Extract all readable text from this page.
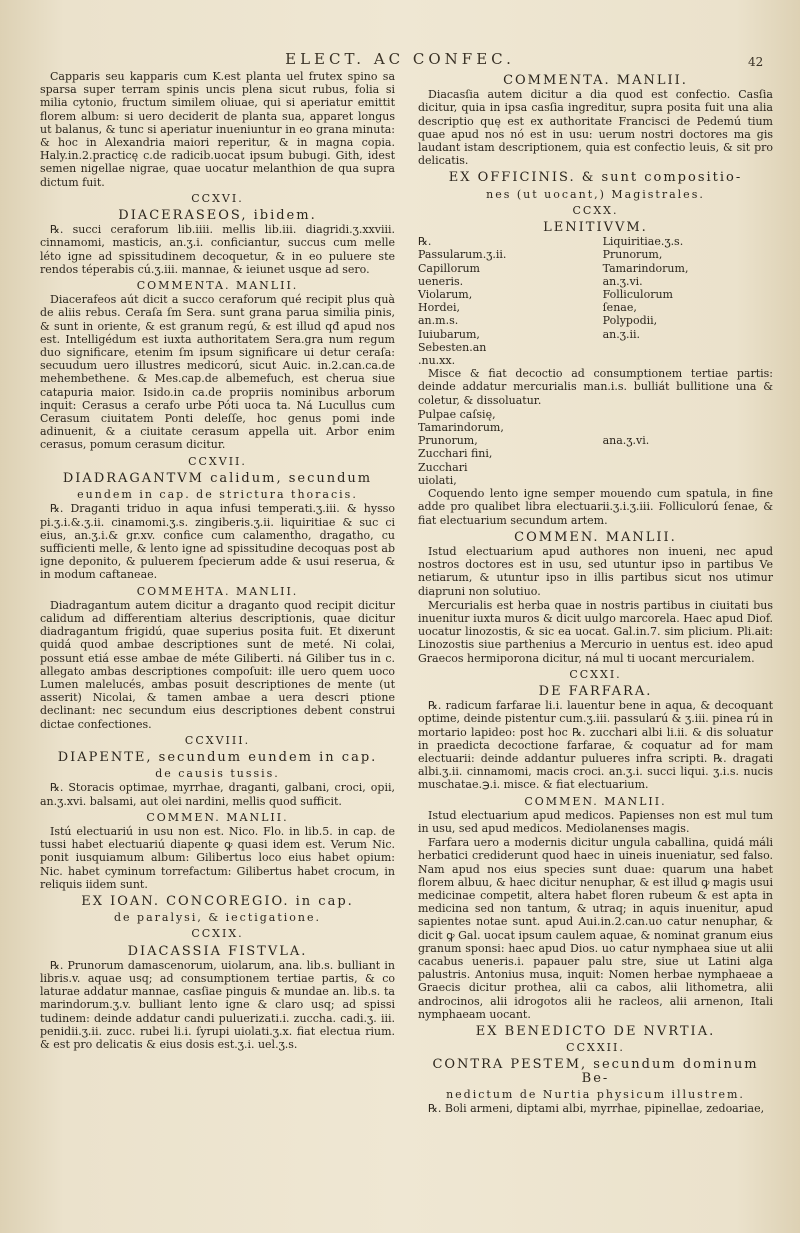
ELECT. AC CONFEC.	42

Capparis seu kapparis cum K.est planta uel frutex spino sa sparsa super terram spinis uncis plena sicut rubus, folia si milia cytonio, fructum similem oliuae, qui si aperiatur emittit florem album: si uero deciderit de planta sua, apparet longus ut balanus, & tunc si aperiatur inueniuntur in eo grana minuta: & hoc in Alexandria maiori reperitur, & in magna copia. Haly.in.2.practicę c.de radicib.uocat ipsum bubugi. Gith, idest semen nigellae nigrae, quae uocatur melanthion de qua supra dictum fuit.

CCXVI.
DIACERASEOS, ibidem.

℞. succi ceraforum lib.iiii. mellis lib.iii. diagridi.ʒ.xxviii. cinnamomi, masticis, an.ʒ.i. conficiantur, succus cum melle léto igne ad spissitudinem decoquetur, & in eo puluere ste rendos téperabis cú.ʒ.iii. mannae, & ieiunet usque ad sero.

COMMENTA. MANLII.

Diacerafeos aút dicit a succo ceraforum qué recipit plus quà de aliis rebus. Ceraſa ſm Sera. sunt grana parua similia pinis, & sunt in oriente, & est granum regú, & est illud qđ apud nos est. Intelligédum est iuxta authoritatem Sera.gra num regum duo significare, etenim ſm ipsum significare ui detur ceraſa: secuudum uero illustres medicorú, sicut Auic. in.2.can.ca.de mehembethene. & Mes.cap.de albemefuch, est cherua siue catapuria maior. Isido.in ca.de propriis nominibus arborum inquit: Cerasus a cerafo urbe Póti uoca ta. Ná Lucullus cum Cerasum ciuitatem Ponti deleſſe, hoc genus pomi inde adinuenit, & a ciuitate cerasum appella uit. Arbor enim cerasus, pomum cerasum dicitur.

CCXVII.
DIADRAGANTVM calidum, secundum
eundem in cap. de strictura thoracis.

℞. Draganti triduo in aqua infusi temperati.ʒ.iii. & hysso pi.ʒ.i.&.ʒ.ii. cinamomi.ʒ.s. zingiberis.ʒ.ii. liquiritiae & suc ci eius, an.ʒ.i.& gr.xv. confice cum calamentho, dragatho, cu sufficienti melle, & lento igne ad spissitudine decoquas post ab igne deponito, & puluerem ſpecierum adde & usui reserua, & in modum caftaneae.

COMMEHTA. MANLII.

Diadragantum autem dicitur a draganto quod recipit dicitur calidum ad differentiam alterius descriptionis, quae dicitur diadragantum frigidú, quae superius posita fuit. Et dixerunt quidá quod ambae descriptiones sunt de meté. Ni colai, possunt etiá esse ambae de méte Giliberti. ná Giliber tus in c. allegato ambas descriptiones compoſuit: ille uero quem uoco Lumen malelucés, ambas posuit descriptiones de mente (ut asserit) Nicolai, & tamen ambae a uera descri ptione declinant: nec secundum eius descriptiones debent construi dictae confectiones.

CCXVIII.
DIAPENTE, secundum eundem in cap.
de causis tussis.

℞. Storacis optimae, myrrhae, draganti, galbani, croci, opii, an.ʒ.xvi. balsami, aut olei nardini, mellis quod sufficit.

COMMEN. MANLII.

Istú electuariú in usu non est. Nico. Flo. in lib.5. in cap. de tussi habet electuariú diapente ꝙ quasi idem est. Verum Nic. ponit iusquiamum album: Gilibertus loco eius habet opium: Nic. habet cyminum torrefactum: Gilibertus habet crocum, in reliquis iidem sunt.

EX IOAN. CONCOREGIO. in cap.
de paralysi, & iectigatione.
CCXIX.
DIACASSIA FISTVLA.

℞. Prunorum damascenorum, uiolarum, ana. lib.s. bulliant in libris.v. aquae usq; ad consumptionem tertiae partis, & co laturae addatur mannae, casſiae pinguis & mundae an. lib.s. ta marindorum.ʒ.v. bulliant lento igne & claro usq; ad spissi tudinem: deinde addatur candi puluerizati.i. zuccha. cadi.ʒ. iii. penidii.ʒ.ii. zucc. rubei li.i. ſyrupi uiolati.ʒ.x. fiat electua rium. & est pro delicatis & eius dosis est.ʒ.i. uel.ʒ.s.

COMMENTA. MANLII.

Diacasſia autem dicitur a dia quod est confectio. Casſia dicitur, quia in ipsa casſia ingreditur, supra posita fuit una alia descriptio quę est ex authoritate Francisci de Pedemú tium quae apud nos nó est in usu: uerum nostri doctores ma gis laudant istam descriptionem, quia est confectio leuis, & sit pro delicatis.

EX OFFICINIS. & sunt compositio-
nes (ut uocant,) Magistrales.
CCXX.
LENITIVVM.
℞. Passularum.ʒ.ii.
Capillorum ueneris.
Violarum,
Hordei, an.m.s.
Iuiubarum,
Sebesten.an .nu.xx.
Liquiritiae.ʒ.s.
Prunorum,
Tamarindorum, an.ʒ.vi.
Folliculorum ſenae,
Polypodii, an.ʒ.ii.

Misce & fiat decoctio ad consumptionem tertiae partis: deinde addatur mercurialis man.i.s. bulliát bullitione una & coletur, & dissoluatur.

Pulpae caſsię,
Tamarindorum,
Prunorum,
Zucchari fini,
Zucchari uiolati,

ana.ʒ.vi.

Coquendo lento igne semper mouendo cum spatula, in fine adde pro qualibet libra electuarii.ʒ.i.ʒ.iii. Folliculorú ſenae, & fiat electuarium secundum artem.

COMMEN. MANLII.

Istud electuarium apud authores non inueni, nec apud nostros doctores est in usu, sed utuntur ipso in partibus Ve netiarum, & utuntur ipso in illis partibus sicut nos utimur diapruni non solutiuo.

Mercurialis est herba quae in nostris partibus in ciuitati bus inuenitur iuxta muros & dicit uulgo marcorela. Haec apud Diof. uocatur linozostis, & sic ea uocat. Gal.in.7. sim plicium. Pli.ait: Linozostis siue parthenius a Mercurio in uentus est. ideo apud Graecos hermiporona dicitur, ná mul ti uocant mercurialem.

CCXXI.
DE FARFARA.

℞. radicum farfarae li.i. lauentur bene in aqua, & decoquant optime, deinde pistentur cum.ʒ.iii. passularú & ʒ.iii. pinea rú in mortario lapideo: post hoc ℞. zucchari albi li.ii. & dis soluatur in praedicta decoctione farfarae, & coquatur ad for mam electuarii: deinde addantur pulueres infra scripti. ℞. dragati albi.ʒ.ii. cinnamomi, macis croci. an.ʒ.i. succi liqui. ʒ.i.s. nucis muschatae.℈.i. misce. & fiat electuarium.

COMMEN. MANLII.

Istud electuarium apud medicos. Papienses non est mul tum in usu, sed apud medicos. Mediolanenses magis.

Farfara uero a modernis dicitur ungula caballina, quidá máli herbatici crediderunt quod haec in uineis inueniatur, sed falso. Nam apud nos eius species sunt duae: quarum una habet florem albuu, & haec dicitur nenuphar, & est illud ꝙ magis usui medicinae competit, altera habet floren rubeum & est apta in medicina sed non tantum, & utraq; in aquis inuenitur, apud sapientes notae sunt. apud Aui.in.2.can.uo catur nenuphar, & dicit ꝙ Gal. uocat ipsum caulem aquae, & nominat granum eius granum sponsi: haec apud Dios. uo catur nymphaea siue ut alii cacabus ueneris.i. papauer palu stre, siue ut Latini alga palustris. Antonius musa, inquit: Nomen herbae nymphaeae a Graecis dicitur prothea, alii ca cabos, alii lithometra, alii androcinos, alii idrogotos alii he racleos, alii arnenon, Itali nymphaeam uocant.

EX BENEDICTO DE NVRTIA.
CCXXII.
CONTRA PESTEM, secundum dominum Be-
nedictum de Nurtia physicum illustrem.

℞. Boli armeni, diptami albi, myrrhae, pipinellae, zedoariae,
